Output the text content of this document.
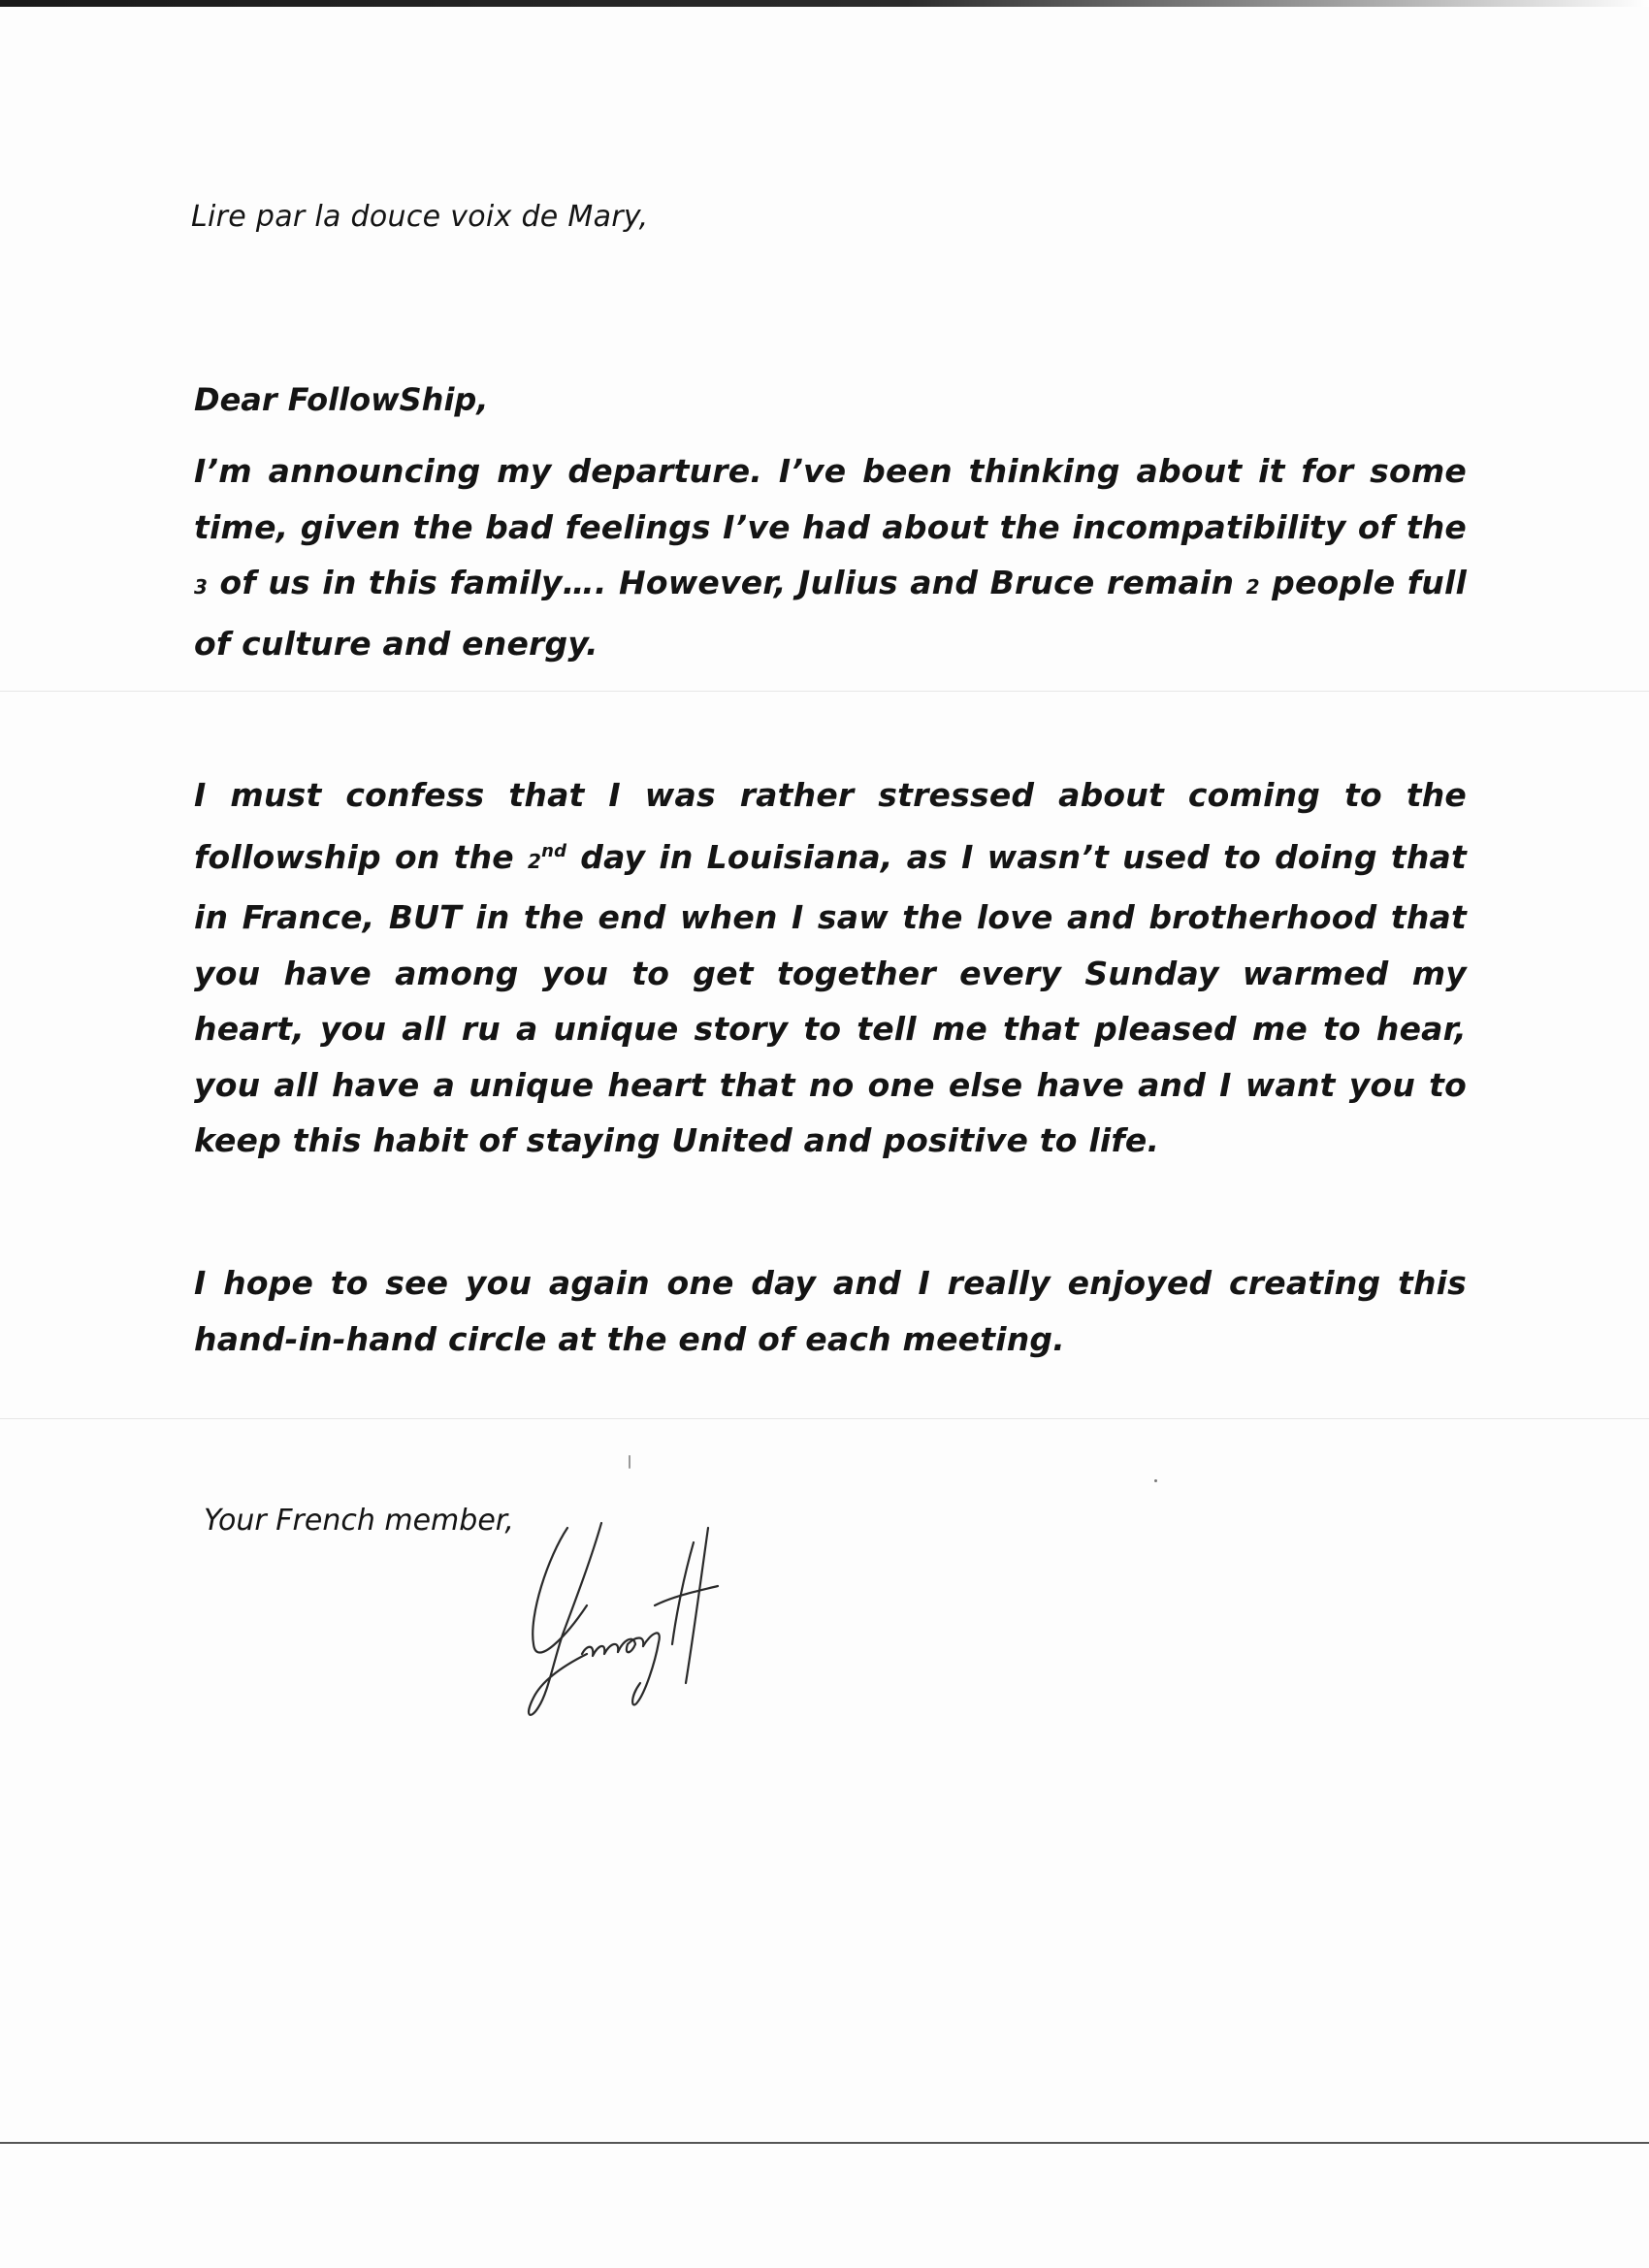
Lire par la douce voix de Mary,
Dear FollowShip,
I’m announcing my departure. I’ve been thinking about it for some time, given the bad feelings I’ve had about the incompatibility of the 3 of us in this family…. However, Julius and Bruce remain 2 people full of culture and energy.
I must confess that I was rather stressed about coming to the followship on the 2nd day in Louisiana, as I wasn’t used to doing that in France, BUT in the end when I saw the love and brotherhood that you have among you to get together every Sunday warmed my heart, you all ru a unique story to tell me that pleased me to hear, you all have a unique heart that no one else have and I want you to keep this habit of staying United and positive to life.
I hope to see you again one day and I really enjoyed creating this hand-in-hand circle at the end of each meeting.
Your French member,
